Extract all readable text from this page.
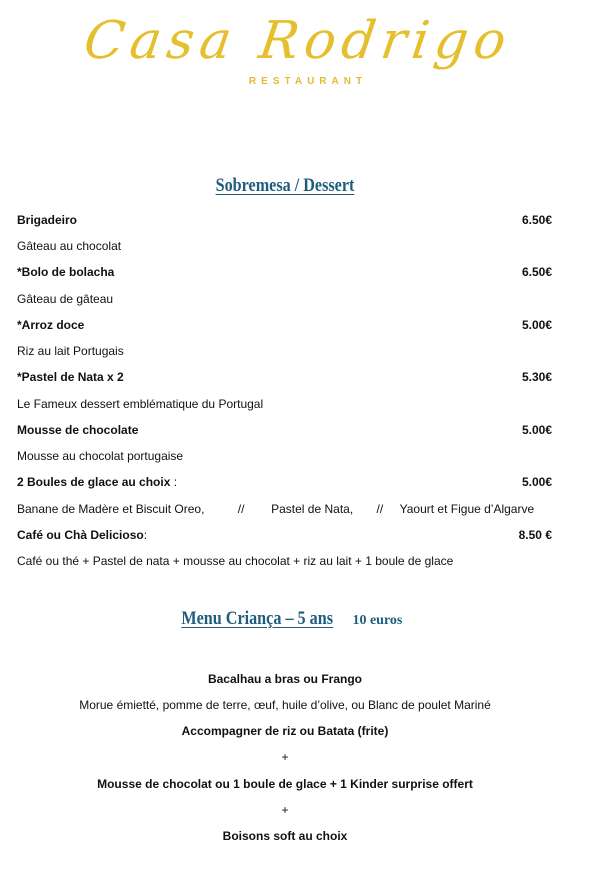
Casa Rodrigo
RESTAURANT
Sobremesa / Dessert
Brigadeiro	6.50€
Gâteau au chocolat
*Bolo de bolacha	6.50€
Gâteau de gâteau
*Arroz doce	5.00€
Riz au lait Portugais
*Pastel de Nata x 2	5.30€
Le Fameux dessert emblématique du Portugal
Mousse de chocolate	5.00€
Mousse au chocolat portugaise
2 Boules de glace au choix :	5.00€
Banane de Madère et Biscuit Oreo,          //        Pastel de Nata,       //     Yaourt et Figue d’Algarve
Café ou Chà Delicioso:	8.50 €
Café ou thé + Pastel de nata + mousse au chocolat + riz au lait + 1 boule de glace
Menu Criança – 5 ans 10 euros
Bacalhau a bras ou Frango
Morue émietté, pomme de terre, œuf, huile d’olive, ou Blanc de poulet Mariné
Accompagner de riz ou Batata (frite)
+
Mousse de chocolat ou 1 boule de glace + 1 Kinder surprise offert
+
Boisons soft au choix
